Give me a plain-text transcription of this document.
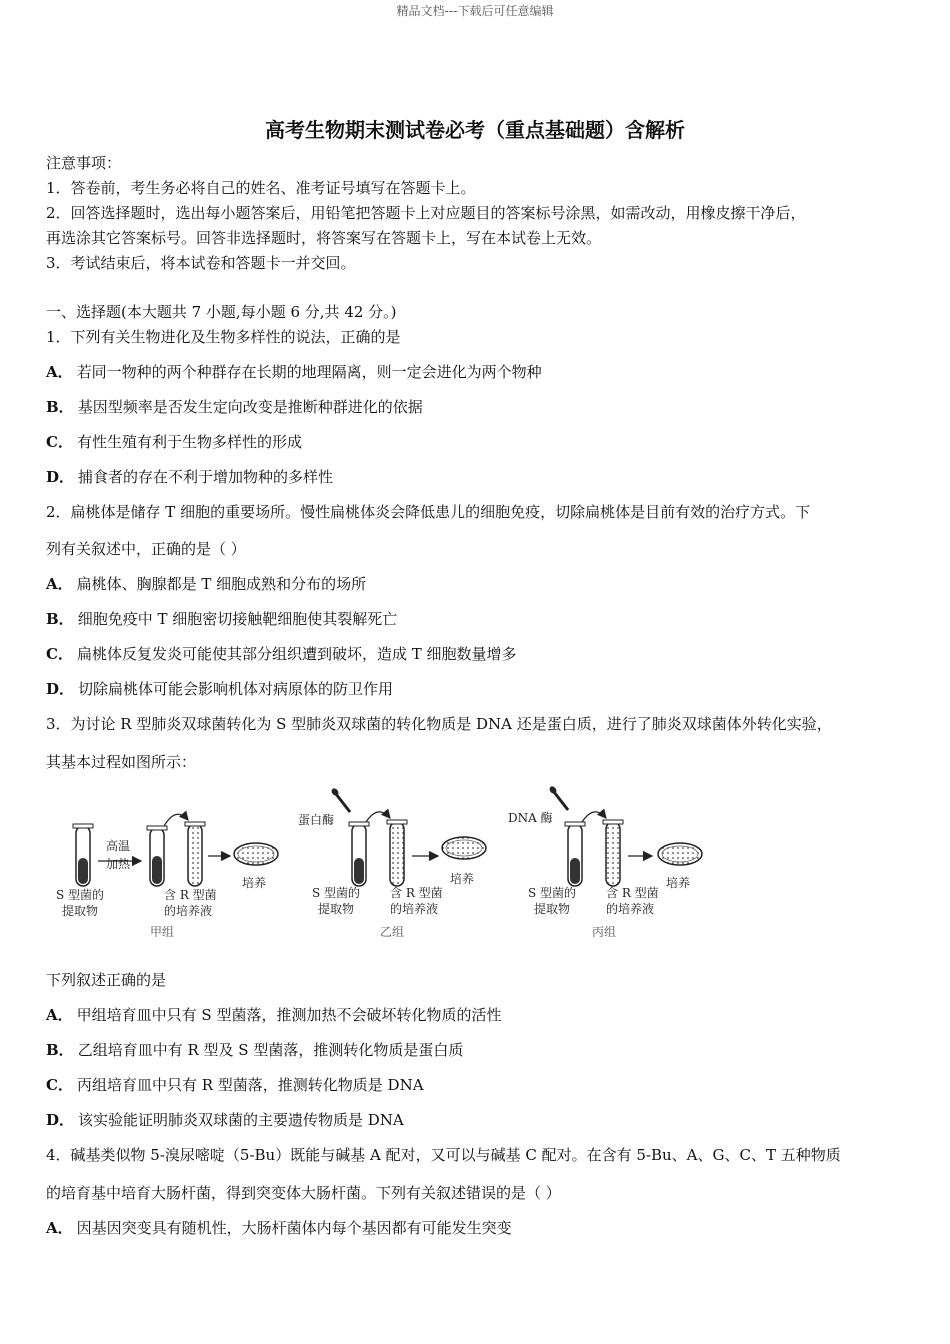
精品文档---下载后可任意编辑
高考生物期末测试卷必考（重点基础题）含解析
注意事项：
1．答卷前，考生务必将自己的姓名、准考证号填写在答题卡上。
2．回答选择题时，选出每小题答案后，用铅笔把答题卡上对应题目的答案标号涂黑，如需改动，用橡皮擦干净后，
再选涂其它答案标号。回答非选择题时，将答案写在答题卡上，写在本试卷上无效。
3．考试结束后，将本试卷和答题卡一并交回。
一、选择题(本大题共 7 小题,每小题 6 分,共 42 分。)
1．下列有关生物进化及生物多样性的说法，正确的是
A． 若同一物种的两个种群存在长期的地理隔离，则一定会进化为两个物种
B． 基因型频率是否发生定向改变是推断种群进化的依据
C． 有性生殖有利于生物多样性的形成
D． 捕食者的存在不利于增加物种的多样性
2．扁桃体是储存 T 细胞的重要场所。慢性扁桃体炎会降低患儿的细胞免疫，切除扁桃体是目前有效的治疗方式。下
列有关叙述中，正确的是（ ）
A． 扁桃体、胸腺都是 T 细胞成熟和分布的场所
B． 细胞免疫中 T 细胞密切接触靶细胞使其裂解死亡
C． 扁桃体反复发炎可能使其部分组织遭到破坏，造成 T 细胞数量增多
D． 切除扁桃体可能会影响机体对病原体的防卫作用
3．为讨论 R 型肺炎双球菌转化为 S 型肺炎双球菌的转化物质是 DNA 还是蛋白质，进行了肺炎双球菌体外转化实验，
其基本过程如图所示：
高温
加热
培养
S 型菌的
提取物
含 R 型菌
的培养液
甲组
蛋白酶
培养
S 型菌的
提取物
含 R 型菌
的培养液
乙组
DNA 酶
培养
S 型菌的
提取物
含 R 型菌
的培养液
丙组
下列叙述正确的是
A． 甲组培育皿中只有 S 型菌落，推测加热不会破坏转化物质的活性
B． 乙组培育皿中有 R 型及 S 型菌落，推测转化物质是蛋白质
C． 丙组培育皿中只有 R 型菌落，推测转化物质是 DNA
D． 该实验能证明肺炎双球菌的主要遗传物质是 DNA
4．碱基类似物 5-溴尿嘧啶（5-Bu）既能与碱基 A 配对，又可以与碱基 C 配对。在含有 5-Bu、A、G、C、T 五种物质
的培育基中培育大肠杆菌，得到突变体大肠杆菌。下列有关叙述错误的是（ ）
A． 因基因突变具有随机性，大肠杆菌体内每个基因都有可能发生突变
